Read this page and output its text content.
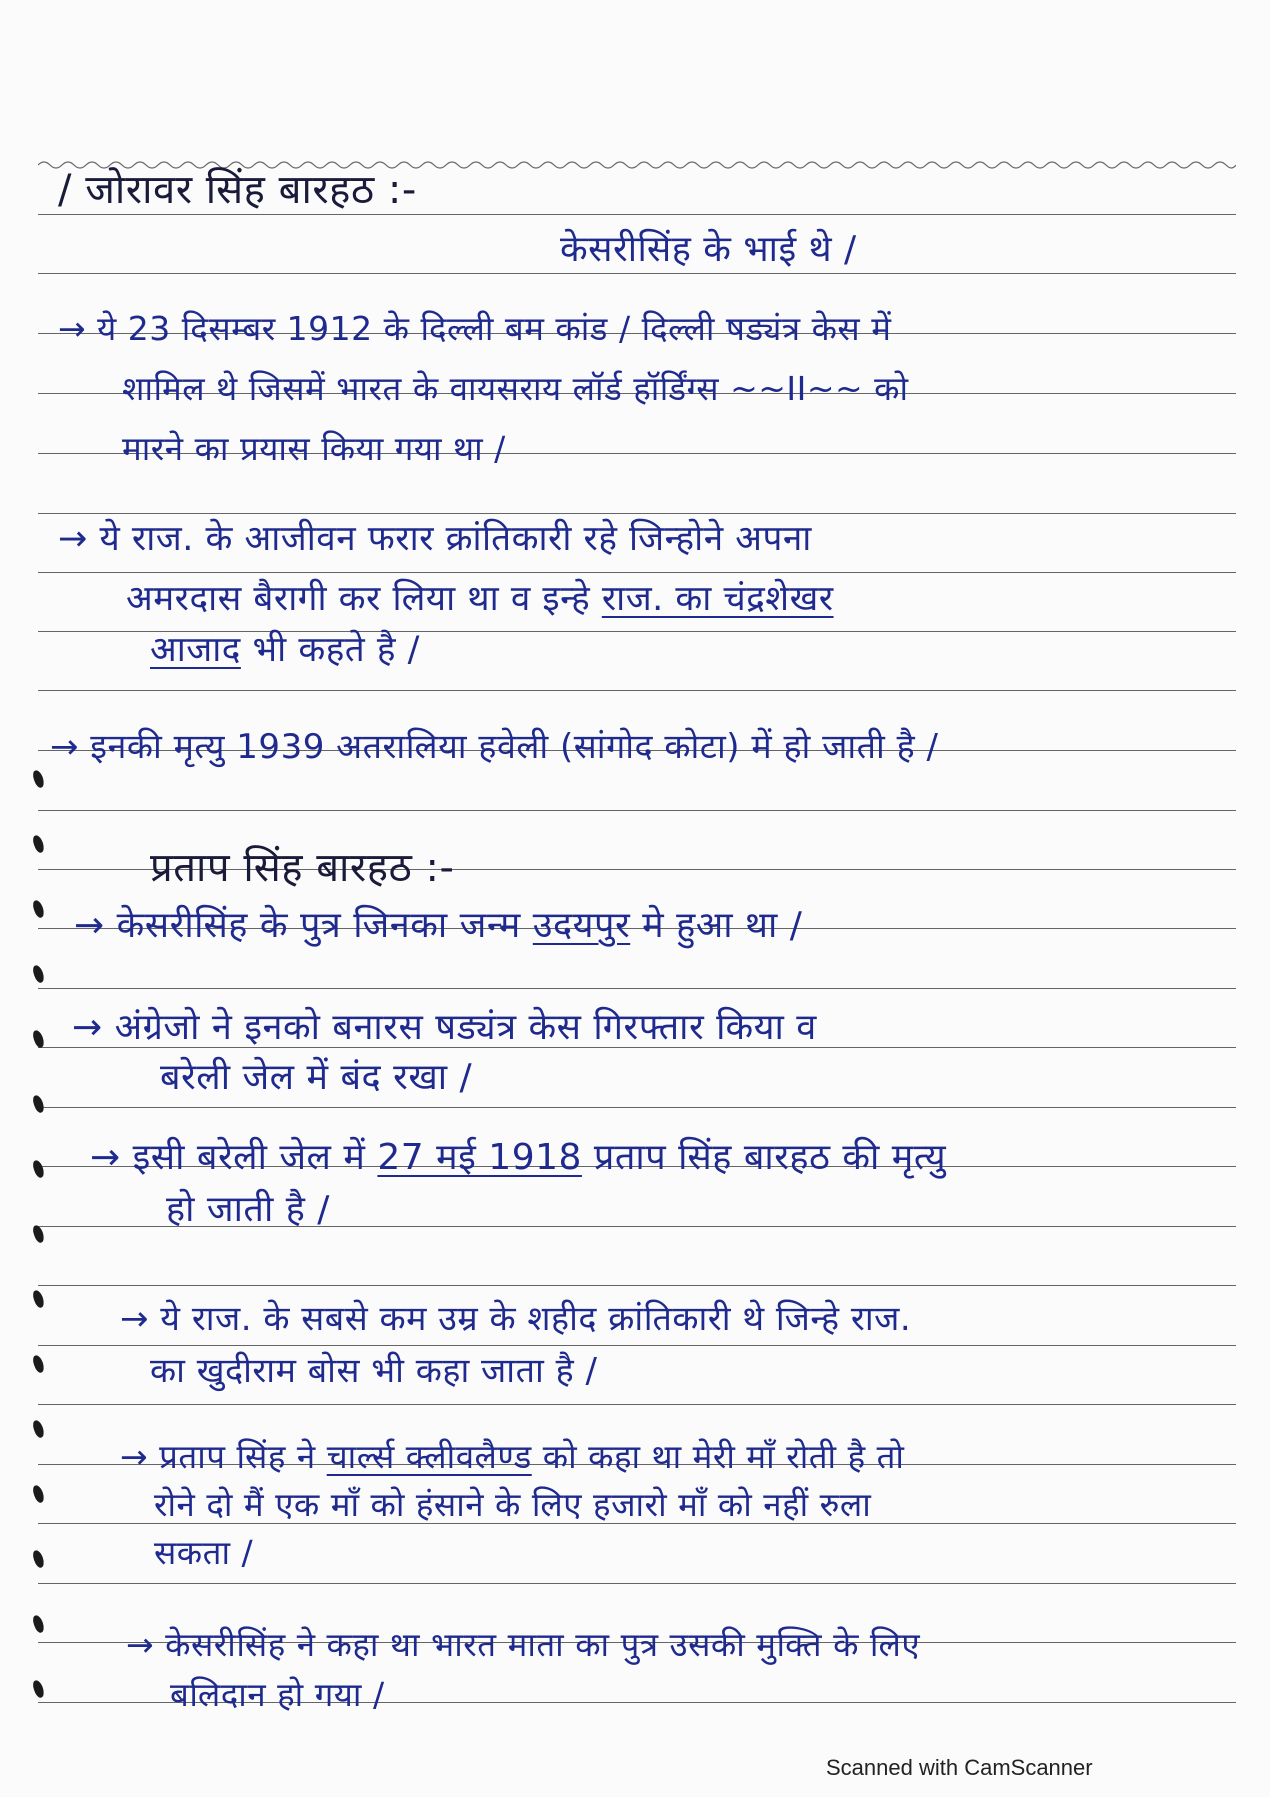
/ जोरावर सिंह बारहठ :-
केसरीसिंह के भाई थे /
→ ये 23 दिसम्बर 1912 के दिल्ली बम कांड / दिल्ली षड्यंत्र केस में
शामिल थे जिसमें भारत के वायसराय लॉर्ड हॉर्डिंग्स ~~II~~ को
मारने का प्रयास किया गया था /
→ ये राज. के आजीवन फरार क्रांतिकारी रहे जिन्होने अपना
अमरदास बैरागी कर लिया था व इन्हे राज. का चंद्रशेखर
आजाद भी कहते है /
→ इनकी मृत्यु 1939 अतरालिया हवेली (सांगोद कोटा) में हो जाती है /
प्रताप सिंह बारहठ :-
→ केसरीसिंह के पुत्र जिनका जन्म उदयपुर मे हुआ था /
→ अंग्रेजो ने इनको बनारस षड्यंत्र केस गिरफ्तार किया व
बरेली जेल में बंद रखा /
→ इसी बरेली जेल में 27 मई 1918 प्रताप सिंह बारहठ की मृत्यु
हो जाती है /
→ ये राज. के सबसे कम उम्र के शहीद क्रांतिकारी थे जिन्हे राज.
का खुदीराम बोस भी कहा जाता है /
→ प्रताप सिंह ने चार्ल्स क्लीवलैण्ड को कहा था मेरी माँ रोती है तो
रोने दो मैं एक माँ को हंसाने के लिए हजारो माँ को नहीं रुला
सकता /
→ केसरीसिंह ने कहा था भारत माता का पुत्र उसकी मुक्ति के लिए
बलिदान हो गया /
Scanned with CamScanner
